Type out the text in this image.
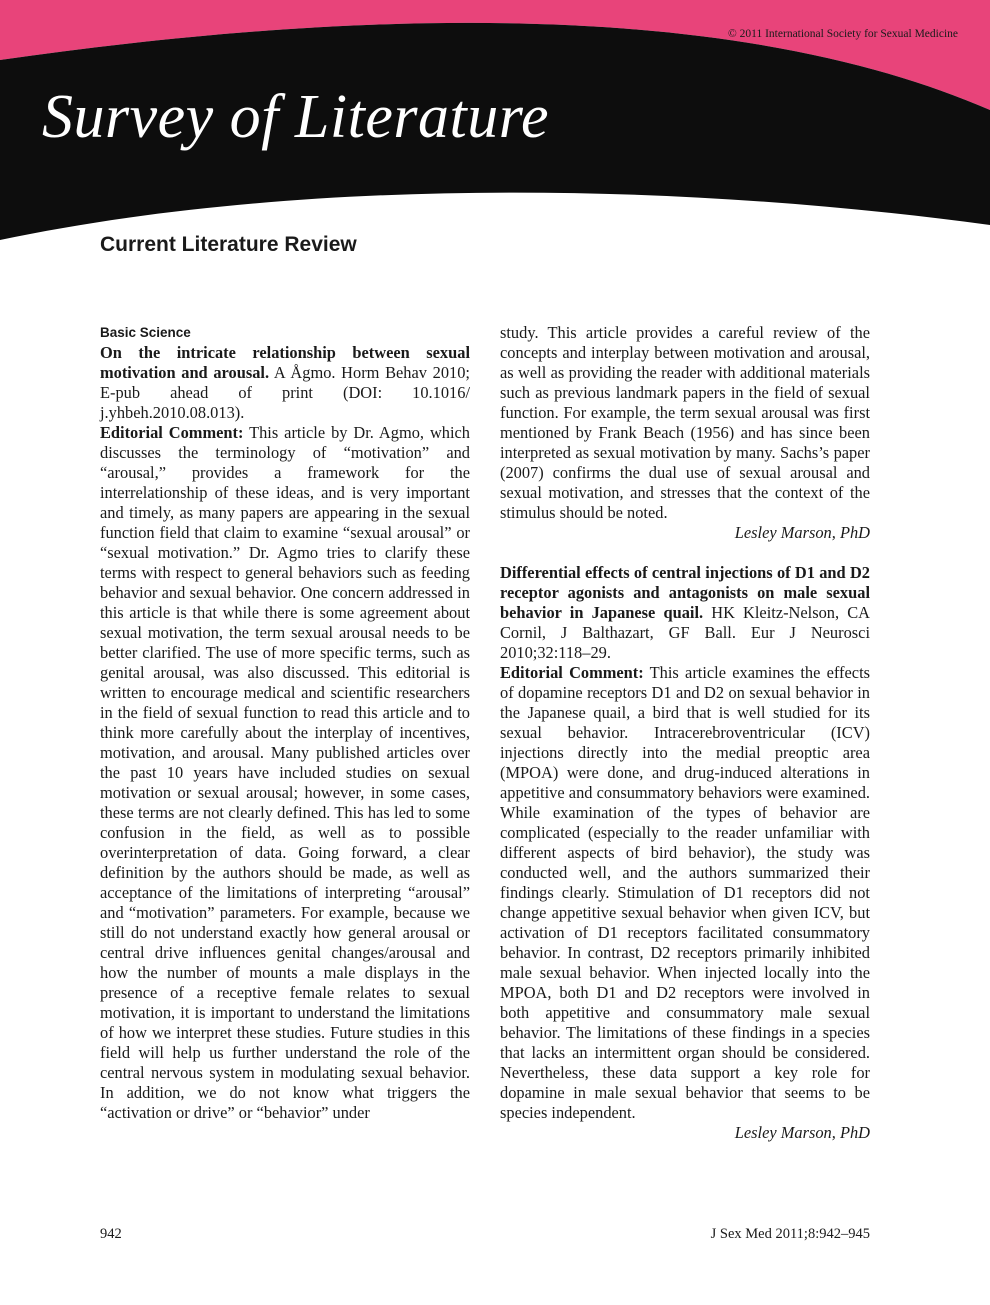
© 2011 International Society for Sexual Medicine
Survey of Literature
Current Literature Review

Basic Science

On the intricate relationship between sexual motivation and arousal. A Ågmo. Horm Behav 2010; E-pub ahead of print (DOI: 10.1016/ j.yhbeh.2010.08.013).

Editorial Comment: This article by Dr. Agmo, which discusses the terminology of “motivation” and “arousal,” provides a framework for the interrelationship of these ideas, and is very important and timely, as many papers are appearing in the sexual function field that claim to examine “sexual arousal” or “sexual motivation.” Dr. Agmo tries to clarify these terms with respect to general behaviors such as feeding behavior and sexual behavior. One concern addressed in this article is that while there is some agreement about sexual motivation, the term sexual arousal needs to be better clarified. The use of more specific terms, such as genital arousal, was also discussed. This editorial is written to encourage medical and scientific researchers in the field of sexual function to read this article and to think more carefully about the interplay of incentives, motivation, and arousal. Many published articles over the past 10 years have included studies on sexual motivation or sexual arousal; however, in some cases, these terms are not clearly defined. This has led to some confusion in the field, as well as to possible overinterpretation of data. Going forward, a clear definition by the authors should be made, as well as acceptance of the limitations of interpreting “arousal” and “motivation” parameters. For example, because we still do not understand exactly how general arousal or central drive influences genital changes/arousal and how the number of mounts a male displays in the presence of a receptive female relates to sexual motivation, it is important to understand the limitations of how we interpret these studies. Future studies in this field will help us further understand the role of the central nervous system in modulating sexual behavior. In addition, we do not know what triggers the “activation or drive” or “behavior” under

study. This article provides a careful review of the concepts and interplay between motivation and arousal, as well as providing the reader with additional materials such as previous landmark papers in the field of sexual function. For example, the term sexual arousal was first mentioned by Frank Beach (1956) and has since been interpreted as sexual motivation by many. Sachs’s paper (2007) confirms the dual use of sexual arousal and sexual motivation, and stresses that the context of the stimulus should be noted.

Lesley Marson, PhD

Differential effects of central injections of D1 and D2 receptor agonists and antagonists on male sexual behavior in Japanese quail. HK Kleitz-Nelson, CA Cornil, J Balthazart, GF Ball. Eur J Neurosci 2010;32:118–29.

Editorial Comment: This article examines the effects of dopamine receptors D1 and D2 on sexual behavior in the Japanese quail, a bird that is well studied for its sexual behavior. Intracerebroventricular (ICV) injections directly into the medial preoptic area (MPOA) were done, and drug-induced alterations in appetitive and consummatory behaviors were examined. While examination of the types of behavior are complicated (especially to the reader unfamiliar with different aspects of bird behavior), the study was conducted well, and the authors summarized their findings clearly. Stimulation of D1 receptors did not change appetitive sexual behavior when given ICV, but activation of D1 receptors facilitated consummatory behavior. In contrast, D2 receptors primarily inhibited male sexual behavior. When injected locally into the MPOA, both D1 and D2 receptors were involved in both appetitive and consummatory male sexual behavior. The limitations of these findings in a species that lacks an intermittent organ should be considered. Nevertheless, these data support a key role for dopamine in male sexual behavior that seems to be species independent.

Lesley Marson, PhD

942	J Sex Med 2011;8:942–945
